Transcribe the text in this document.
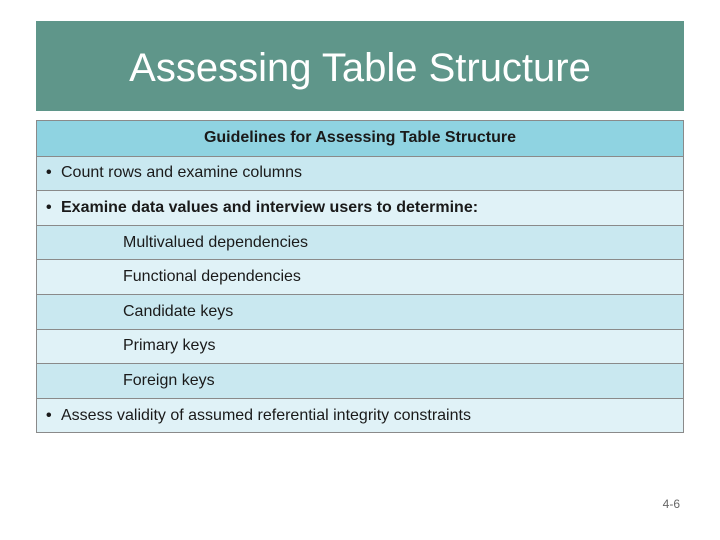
Assessing Table Structure
Guidelines for Assessing Table Structure
• Count rows and examine columns
• Examine data values and interview users to determine:
Multivalued dependencies
Functional dependencies
Candidate keys
Primary keys
Foreign keys
• Assess validity of assumed referential integrity constraints
4-6
